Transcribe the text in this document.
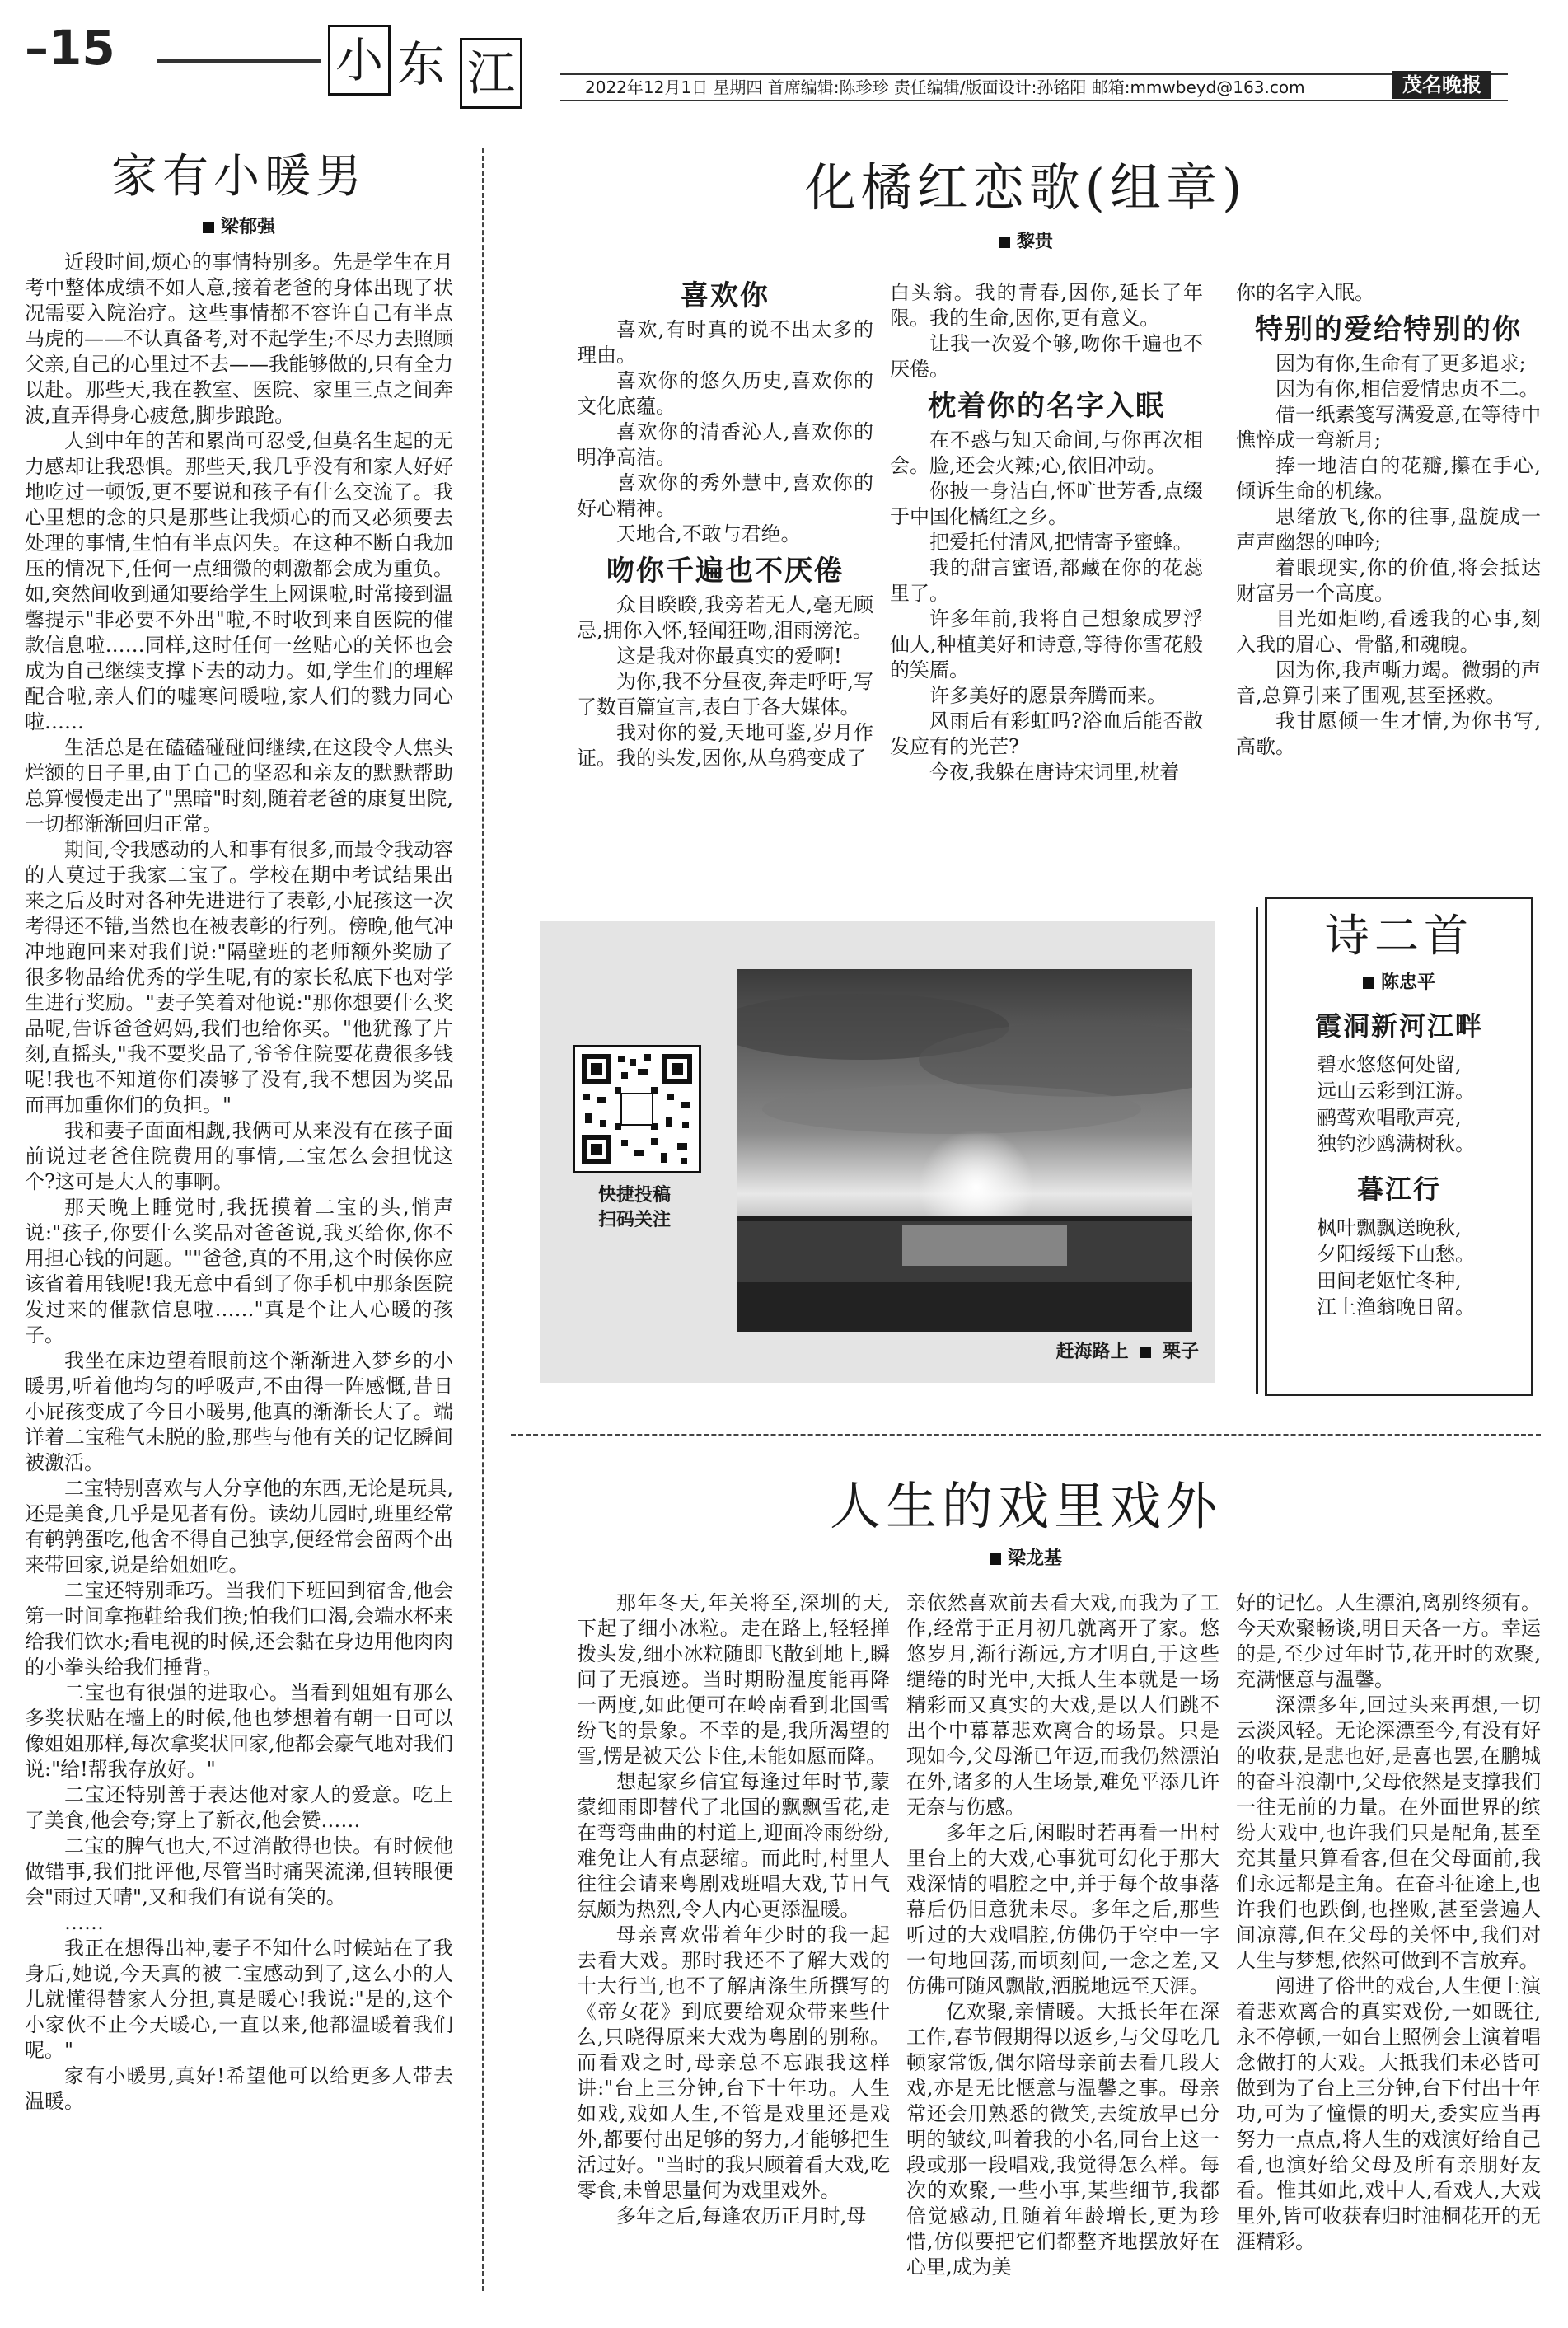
–15	小 东 江	2022年12月1日 星期四 首席编辑:陈珍珍 责任编辑/版面设计:孙铭阳 邮箱:mmwbeyd@163.com	茂名晚报
家有小暖男
梁郁强

近段时间,烦心的事情特别多。先是学生在月考中整体成绩不如人意,接着老爸的身体出现了状况需要入院治疗。这些事情都不容许自己有半点马虎的——不认真备考,对不起学生;不尽力去照顾父亲,自己的心里过不去——我能够做的,只有全力以赴。那些天,我在教室、医院、家里三点之间奔波,直弄得身心疲惫,脚步踉跄。

人到中年的苦和累尚可忍受,但莫名生起的无力感却让我恐惧。那些天,我几乎没有和家人好好地吃过一顿饭,更不要说和孩子有什么交流了。我心里想的念的只是那些让我烦心的而又必须要去处理的事情,生怕有半点闪失。在这种不断自我加压的情况下,任何一点细微的刺激都会成为重负。如,突然间收到通知要给学生上网课啦,时常接到温馨提示"非必要不外出"啦,不时收到来自医院的催款信息啦……同样,这时任何一丝贴心的关怀也会成为自己继续支撑下去的动力。如,学生们的理解配合啦,亲人们的嘘寒问暖啦,家人们的戮力同心啦……

生活总是在磕磕碰碰间继续,在这段令人焦头烂额的日子里,由于自己的坚忍和亲友的默默帮助总算慢慢走出了"黑暗"时刻,随着老爸的康复出院,一切都渐渐回归正常。

期间,令我感动的人和事有很多,而最令我动容的人莫过于我家二宝了。学校在期中考试结果出来之后及时对各种先进进行了表彰,小屁孩这一次考得还不错,当然也在被表彰的行列。傍晚,他气冲冲地跑回来对我们说:"隔壁班的老师额外奖励了很多物品给优秀的学生呢,有的家长私底下也对学生进行奖励。"妻子笑着对他说:"那你想要什么奖品呢,告诉爸爸妈妈,我们也给你买。"他犹豫了片刻,直摇头,"我不要奖品了,爷爷住院要花费很多钱呢!我也不知道你们凑够了没有,我不想因为奖品而再加重你们的负担。"

我和妻子面面相觑,我俩可从来没有在孩子面前说过老爸住院费用的事情,二宝怎么会担忧这个?这可是大人的事啊。

那天晚上睡觉时,我抚摸着二宝的头,悄声说:"孩子,你要什么奖品对爸爸说,我买给你,你不用担心钱的问题。""爸爸,真的不用,这个时候你应该省着用钱呢!我无意中看到了你手机中那条医院发过来的催款信息啦……"真是个让人心暖的孩子。

我坐在床边望着眼前这个渐渐进入梦乡的小暖男,听着他均匀的呼吸声,不由得一阵感慨,昔日小屁孩变成了今日小暖男,他真的渐渐长大了。端详着二宝稚气未脱的脸,那些与他有关的记忆瞬间被激活。

二宝特别喜欢与人分享他的东西,无论是玩具,还是美食,几乎是见者有份。读幼儿园时,班里经常有鹌鹑蛋吃,他舍不得自己独享,便经常会留两个出来带回家,说是给姐姐吃。

二宝还特别乖巧。当我们下班回到宿舍,他会第一时间拿拖鞋给我们换;怕我们口渴,会端水杯来给我们饮水;看电视的时候,还会黏在身边用他肉肉的小拳头给我们捶背。

二宝也有很强的进取心。当看到姐姐有那么多奖状贴在墙上的时候,他也梦想着有朝一日可以像姐姐那样,每次拿奖状回家,他都会豪气地对我们说:"给!帮我存放好。"

二宝还特别善于表达他对家人的爱意。吃上了美食,他会夸;穿上了新衣,他会赞……

二宝的脾气也大,不过消散得也快。有时候他做错事,我们批评他,尽管当时痛哭流涕,但转眼便会"雨过天晴",又和我们有说有笑的。

……

我正在想得出神,妻子不知什么时候站在了我身后,她说,今天真的被二宝感动到了,这么小的人儿就懂得替家人分担,真是暖心!我说:"是的,这个小家伙不止今天暖心,一直以来,他都温暖着我们呢。"

家有小暖男,真好!希望他可以给更多人带去温暖。

化橘红恋歌(组章)
黎贵
喜欢你

喜欢,有时真的说不出太多的理由。

喜欢你的悠久历史,喜欢你的文化底蕴。

喜欢你的清香沁人,喜欢你的明净高洁。

喜欢你的秀外慧中,喜欢你的好心精神。

天地合,不敢与君绝。

吻你千遍也不厌倦

众目睽睽,我旁若无人,毫无顾忌,拥你入怀,轻闻狂吻,泪雨滂沱。

这是我对你最真实的爱啊!

为你,我不分昼夜,奔走呼吁,写了数百篇宣言,表白于各大媒体。

我对你的爱,天地可鉴,岁月作证。我的头发,因你,从乌鸦变成了

白头翁。我的青春,因你,延长了年限。我的生命,因你,更有意义。

让我一次爱个够,吻你千遍也不厌倦。

枕着你的名字入眠

在不惑与知天命间,与你再次相会。脸,还会火辣;心,依旧冲动。

你披一身洁白,怀旷世芳香,点缀于中国化橘红之乡。

把爱托付清风,把情寄予蜜蜂。

我的甜言蜜语,都藏在你的花蕊里了。

许多年前,我将自己想象成罗浮仙人,种植美好和诗意,等待你雪花般的笑靥。

许多美好的愿景奔腾而来。

风雨后有彩虹吗?浴血后能否散发应有的光芒?

今夜,我躲在唐诗宋词里,枕着

你的名字入眠。

特别的爱给特别的你

因为有你,生命有了更多追求;

因为有你,相信爱情忠贞不二。

借一纸素笺写满爱意,在等待中憔悴成一弯新月;

捧一地洁白的花瓣,攥在手心,倾诉生命的机缘。

思绪放飞,你的往事,盘旋成一声声幽怨的呻吟;

着眼现实,你的价值,将会抵达财富另一个高度。

目光如炬哟,看透我的心事,刻入我的眉心、骨骼,和魂魄。

因为你,我声嘶力竭。微弱的声音,总算引来了围观,甚至拯救。

我甘愿倾一生才情,为你书写,高歌。

快捷投稿
扫码关注
赶海路上 栗子
诗二首
陈忠平
霞洞新河江畔
碧水悠悠何处留,
远山云彩到江游。
鹂莺欢唱歌声亮,
独钓沙鸥满树秋。
暮江行
枫叶飘飘送晚秋,
夕阳绥绥下山愁。
田间老妪忙冬种,
江上渔翁晚日留。
人生的戏里戏外
梁龙基

那年冬天,年关将至,深圳的天,下起了细小冰粒。走在路上,轻轻掸拨头发,细小冰粒随即飞散到地上,瞬间了无痕迹。当时期盼温度能再降一两度,如此便可在岭南看到北国雪纷飞的景象。不幸的是,我所渴望的雪,愣是被天公卡住,未能如愿而降。

想起家乡信宜每逢过年时节,蒙蒙细雨即替代了北国的飘飘雪花,走在弯弯曲曲的村道上,迎面冷雨纷纷,难免让人有点瑟缩。而此时,村里人往往会请来粤剧戏班唱大戏,节日气氛颇为热烈,令人内心更添温暖。

母亲喜欢带着年少时的我一起去看大戏。那时我还不了解大戏的十大行当,也不了解唐涤生所撰写的《帝女花》到底要给观众带来些什么,只晓得原来大戏为粤剧的别称。而看戏之时,母亲总不忘跟我这样讲:"台上三分钟,台下十年功。人生如戏,戏如人生,不管是戏里还是戏外,都要付出足够的努力,才能够把生活过好。"当时的我只顾着看大戏,吃零食,未曾思量何为戏里戏外。

多年之后,每逢农历正月时,母

亲依然喜欢前去看大戏,而我为了工作,经常于正月初几就离开了家。悠悠岁月,渐行渐远,方才明白,于这些缱绻的时光中,大抵人生本就是一场精彩而又真实的大戏,是以人们跳不出个中幕幕悲欢离合的场景。只是现如今,父母渐已年迈,而我仍然漂泊在外,诸多的人生场景,难免平添几许无奈与伤感。

多年之后,闲暇时若再看一出村里台上的大戏,心事犹可幻化于那大戏深情的唱腔之中,并于每个故事落幕后仍旧意犹未尽。多年之后,那些听过的大戏唱腔,仿佛仍于空中一字一句地回荡,而顷刻间,一念之差,又仿佛可随风飘散,洒脱地远至天涯。

亿欢聚,亲情暖。大抵长年在深工作,春节假期得以返乡,与父母吃几顿家常饭,偶尔陪母亲前去看几段大戏,亦是无比惬意与温馨之事。母亲常还会用熟悉的微笑,去绽放早已分明的皱纹,叫着我的小名,同台上这一段或那一段唱戏,我觉得怎么样。每次的欢聚,一些小事,某些细节,我都倍觉感动,且随着年龄增长,更为珍惜,仿似要把它们都整齐地摆放好在心里,成为美

好的记忆。人生漂泊,离别终须有。今天欢聚畅谈,明日天各一方。幸运的是,至少过年时节,花开时的欢聚,充满惬意与温馨。

深漂多年,回过头来再想,一切云淡风轻。无论深漂至今,有没有好的收获,是悲也好,是喜也罢,在鹏城的奋斗浪潮中,父母依然是支撑我们一往无前的力量。在外面世界的缤纷大戏中,也许我们只是配角,甚至充其量只算看客,但在父母面前,我们永远都是主角。在奋斗征途上,也许我们也跌倒,也挫败,甚至尝遍人间凉薄,但在父母的关怀中,我们对人生与梦想,依然可做到不言放弃。

闯进了俗世的戏台,人生便上演着悲欢离合的真实戏份,一如既往,永不停顿,一如台上照例会上演着唱念做打的大戏。大抵我们未必皆可做到为了台上三分钟,台下付出十年功,可为了憧憬的明天,委实应当再努力一点点,将人生的戏演好给自己看,也演好给父母及所有亲朋好友看。惟其如此,戏中人,看戏人,大戏里外,皆可收获春归时油桐花开的无涯精彩。
